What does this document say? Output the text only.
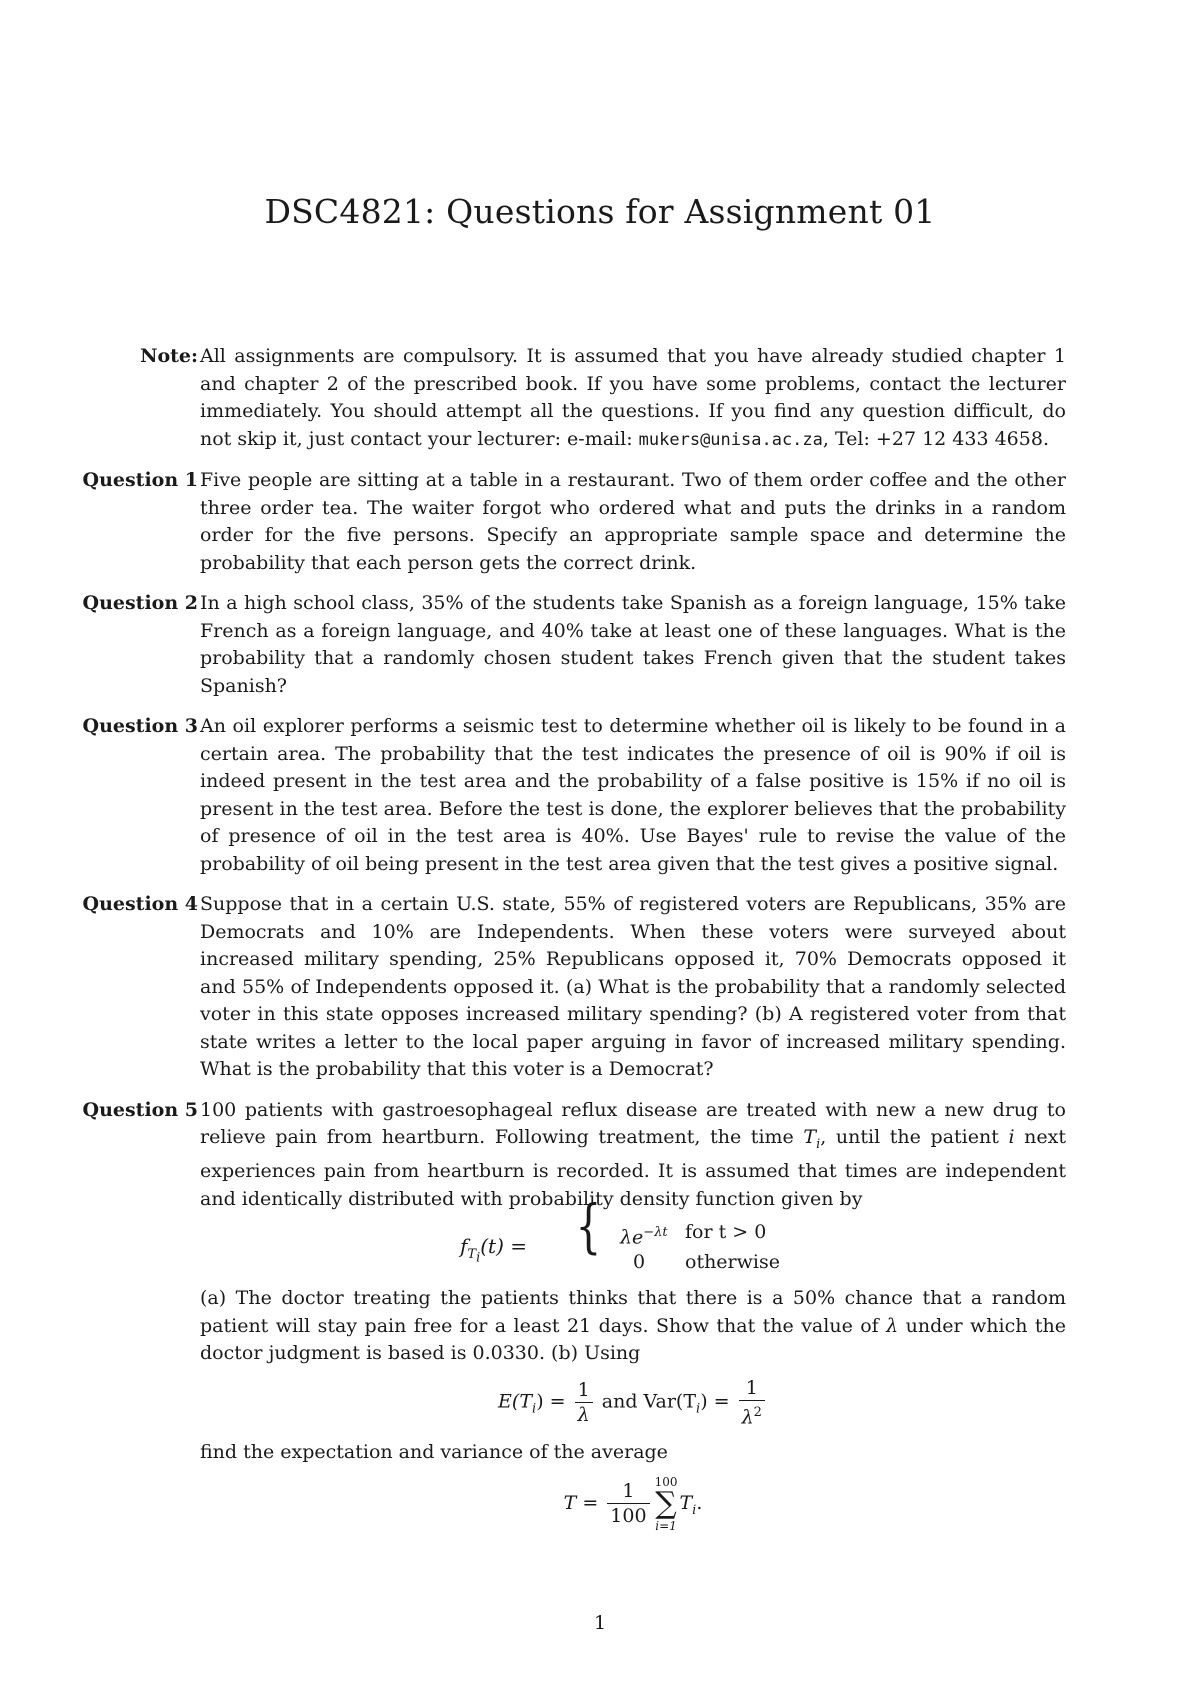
DSC4821: Questions for Assignment 01
Note: All assignments are compulsory. It is assumed that you have already studied chapter 1 and chapter 2 of the prescribed book. If you have some problems, contact the lecturer immediately. You should attempt all the questions. If you find any question difficult, do not skip it, just contact your lecturer: e-mail: mukers@unisa.ac.za, Tel: +27 12 433 4658.

Question 1 Five people are sitting at a table in a restaurant. Two of them order coffee and the other three order tea. The waiter forgot who ordered what and puts the drinks in a random order for the five persons. Specify an appropriate sample space and determine the probability that each person gets the correct drink.
Question 2 In a high school class, 35% of the students take Spanish as a foreign language, 15% take French as a foreign language, and 40% take at least one of these languages. What is the probability that a randomly chosen student takes French given that the student takes Spanish?
Question 3 An oil explorer performs a seismic test to determine whether oil is likely to be found in a certain area. The probability that the test indicates the presence of oil is 90% if oil is indeed present in the test area and the probability of a false positive is 15% if no oil is present in the test area. Before the test is done, the explorer believes that the probability of presence of oil in the test area is 40%. Use Bayes' rule to revise the value of the probability of oil being present in the test area given that the test gives a positive signal.
Question 4 Suppose that in a certain U.S. state, 55% of registered voters are Republicans, 35% are Democrats and 10% are Independents. When these voters were surveyed about increased military spending, 25% Republicans opposed it, 70% Democrats opposed it and 55% of Independents opposed it. (a) What is the probability that a randomly selected voter in this state opposes increased military spending? (b) A registered voter from that state writes a letter to the local paper arguing in favor of increased military spending. What is the probability that this voter is a Democrat?
Question 5 100 patients with gastroesophageal reflux disease are treated with new a new drug to relieve pain from heartburn. Following treatment, the time $T_i$, until the patient i next experiences pain from heartburn is recorded. It is assumed that times are independent and identically distributed with probability density function given by

$f_{T_i}(t)$ = { $\lambda e^{-\lambda t}$ for t > 0
0 otherwise

(a) The doctor treating the patients thinks that there is a 50% chance that a random patient will stay pain free for a least 21 days. Show that the value of λ under which the doctor judgment is based is 0.0330. (b) Using

$E(T_i) = \frac{1}{\lambda}$ and $Var(T_i) = \frac{1}{\lambda^2}$

find the expectation and variance of the average

$T = \frac{1}{100} 100$
∑
i=1
$T_i$.
1
